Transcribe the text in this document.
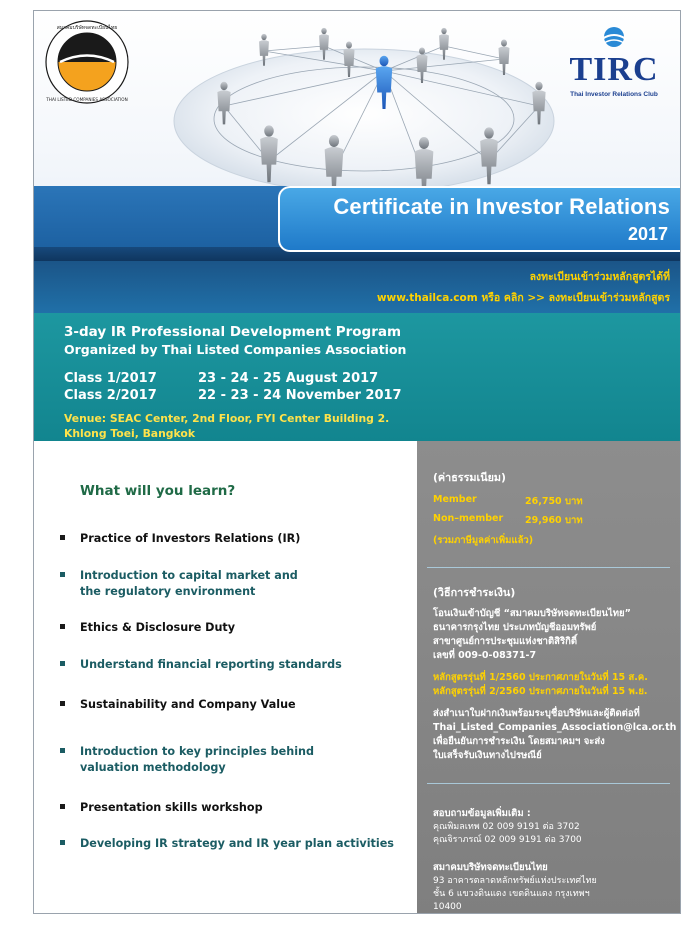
สมาคมบริษัทจดทะเบียนไทย
THAI LISTED COMPANIES ASSOCIATION
TIRC
Thai Investor Relations Club
Certificate in Investor Relations
2017
ลงทะเบียนเข้าร่วมหลักสูตรได้ที่
www.thailca.com หรือ คลิก >> ลงทะเบียนเข้าร่วมหลักสูตร
3-day IR Professional Development Program
Organized by Thai Listed Companies Association
Class 1/2017	23 - 24 - 25 August 2017
Class 2/2017	22 - 23 - 24 November 2017
Venue: SEAC Center, 2nd Floor, FYI Center Building 2.
Khlong Toei, Bangkok
What will you learn?
Practice of Investors Relations (IR)
Introduction to capital market and
the regulatory environment
Ethics & Disclosure Duty
Understand financial reporting standards
Sustainability and Company Value
Introduction to key principles behind
valuation methodology
Presentation skills workshop
Developing IR strategy and IR year plan activities
(ค่าธรรมเนียม)
Member	26,750 บาท
Non–member 29,960 บาท
(รวมภาษีมูลค่าเพิ่มแล้ว)
(วิธีการชำระเงิน)
โอนเงินเข้าบัญชี “สมาคมบริษัทจดทะเบียนไทย”
ธนาคารกรุงไทย ประเภทบัญชีออมทรัพย์
สาขาศูนย์การประชุมแห่งชาติสิริกิติ์
เลขที่ 009-0-08371-7
หลักสูตรรุ่นที่ 1/2560 ประกาศภายในวันที่ 15 ส.ค.
หลักสูตรรุ่นที่ 2/2560 ประกาศภายในวันที่ 15 พ.ย.
ส่งสำเนาใบฝากเงินพร้อมระบุชื่อบริษัทและผู้ติดต่อที่
Thai_Listed_Companies_Association@lca.or.th
เพื่อยืนยันการชำระเงิน โดยสมาคมฯ จะส่ง
ใบเสร็จรับเงินทางไปรษณีย์
สอบถามข้อมูลเพิ่มเติม :
คุณพิมลเทพ 02 009 9191 ต่อ 3702
คุณจิราภรณ์ 02 009 9191 ต่อ 3700
สมาคมบริษัทจดทะเบียนไทย
93 อาคารตลาดหลักทรัพย์แห่งประเทศไทย
ชั้น 6 แขวงดินแดง เขตดินแดง กรุงเทพฯ
10400
